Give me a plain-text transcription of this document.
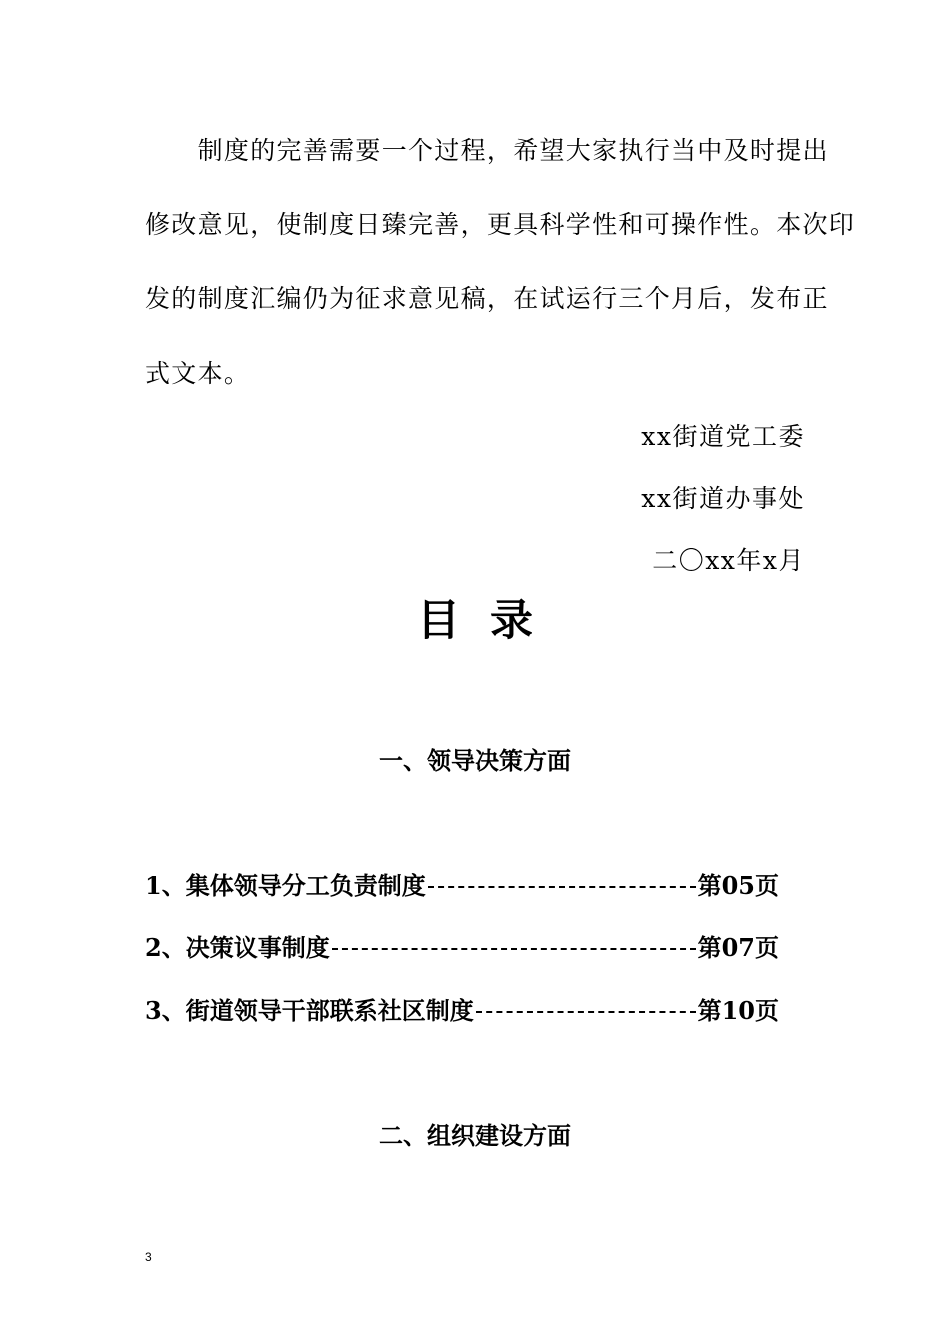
　　制度的完善需要一个过程，希望大家执行当中及时提出
修改意见，使制度日臻完善，更具科学性和可操作性。本次印
发的制度汇编仍为征求意见稿，在试运行三个月后，发布正
式文本。
xx街道党工委
xx街道办事处
二〇xx年x月
目  录
一、领导决策方面
1、 集体领导分工负责制度	第05页
2、 决策议事制度	第07页
3、 街道领导干部联系社区制度	第10页
二、组织建设方面
3
